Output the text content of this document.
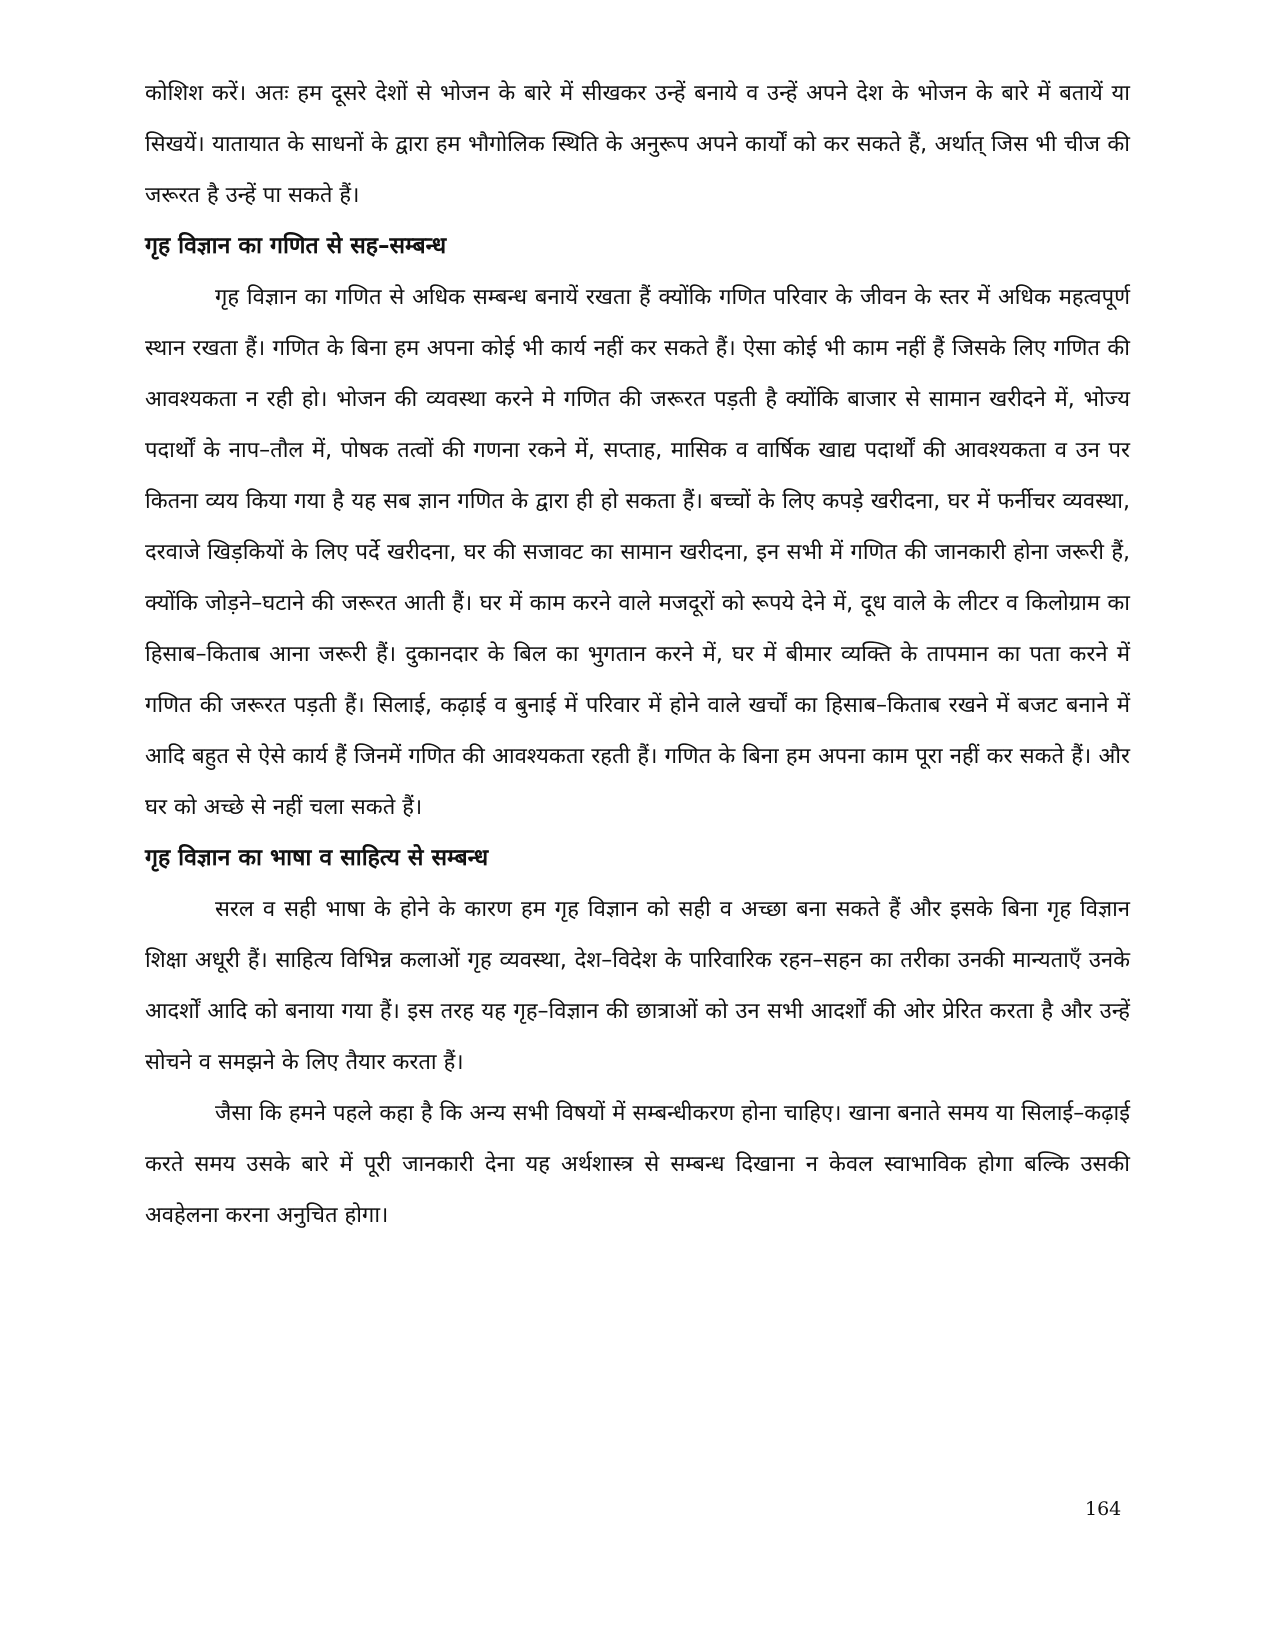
कोशिश करें। अतः हम दूसरे देशों से भोजन के बारे में सीखकर उन्हें बनाये व उन्हें अपने देश के भोजन के बारे में बतायें या सिखयें। यातायात के साधनों के द्वारा हम भौगोलिक स्थिति के अनुरूप अपने कार्यों को कर सकते हैं, अर्थात् जिस भी चीज की जरूरत है उन्हें पा सकते हैं।

गृह विज्ञान का गणित से सह–सम्बन्ध

गृह विज्ञान का गणित से अधिक सम्बन्ध बनायें रखता हैं क्योंकि गणित परिवार के जीवन के स्तर में अधिक महत्वपूर्ण स्थान रखता हैं। गणित के बिना हम अपना कोई भी कार्य नहीं कर सकते हैं। ऐसा कोई भी काम नहीं हैं जिसके लिए गणित की आवश्यकता न रही हो। भोजन की व्यवस्था करने मे गणित की जरूरत पड़ती है क्योंकि बाजार से सामान खरीदने में, भोज्य पदार्थों के नाप–तौल में, पोषक तत्वों की गणना रकने में, सप्ताह, मासिक व वार्षिक खाद्य पदार्थों की आवश्यकता व उन पर कितना व्यय किया गया है यह सब ज्ञान गणित के द्वारा ही हो सकता हैं। बच्चों के लिए कपड़े खरीदना, घर में फर्नीचर व्यवस्था, दरवाजे खिड़कियों के लिए पर्दे खरीदना, घर की सजावट का सामान खरीदना, इन सभी में गणित की जानकारी होना जरूरी हैं, क्योंकि जोड़ने–घटाने की जरूरत आती हैं। घर में काम करने वाले मजदूरों को रूपये देने में, दूध वाले के लीटर व किलोग्राम का हिसाब–किताब आना जरूरी हैं। दुकानदार के बिल का भुगतान करने में, घर में बीमार व्यक्ति के तापमान का पता करने में गणित की जरूरत पड़ती हैं। सिलाई, कढ़ाई व बुनाई में परिवार में होने वाले खर्चों का हिसाब–किताब रखने में बजट बनाने में आदि बहुत से ऐसे कार्य हैं जिनमें गणित की आवश्यकता रहती हैं। गणित के बिना हम अपना काम पूरा नहीं कर सकते हैं। और घर को अच्छे से नहीं चला सकते हैं।

गृह विज्ञान का भाषा व साहित्य से सम्बन्ध

सरल व सही भाषा के होने के कारण हम गृह विज्ञान को सही व अच्छा बना सकते हैं और इसके बिना गृह विज्ञान शिक्षा अधूरी हैं। साहित्य विभिन्न कलाओं गृह व्यवस्था, देश–विदेश के पारिवारिक रहन–सहन का तरीका उनकी मान्यताएँ उनके आदर्शों आदि को बनाया गया हैं। इस तरह यह गृह–विज्ञान की छात्राओं को उन सभी आदर्शों की ओर प्रेरित करता है और उन्हें सोचने व समझने के लिए तैयार करता हैं।

जैसा कि हमने पहले कहा है कि अन्य सभी विषयों में सम्बन्धीकरण होना चाहिए। खाना बनाते समय या सिलाई–कढ़ाई करते समय उसके बारे में पूरी जानकारी देना यह अर्थशास्त्र से सम्बन्ध दिखाना न केवल स्वाभाविक होगा बल्कि उसकी अवहेलना करना अनुचित होगा।

164
